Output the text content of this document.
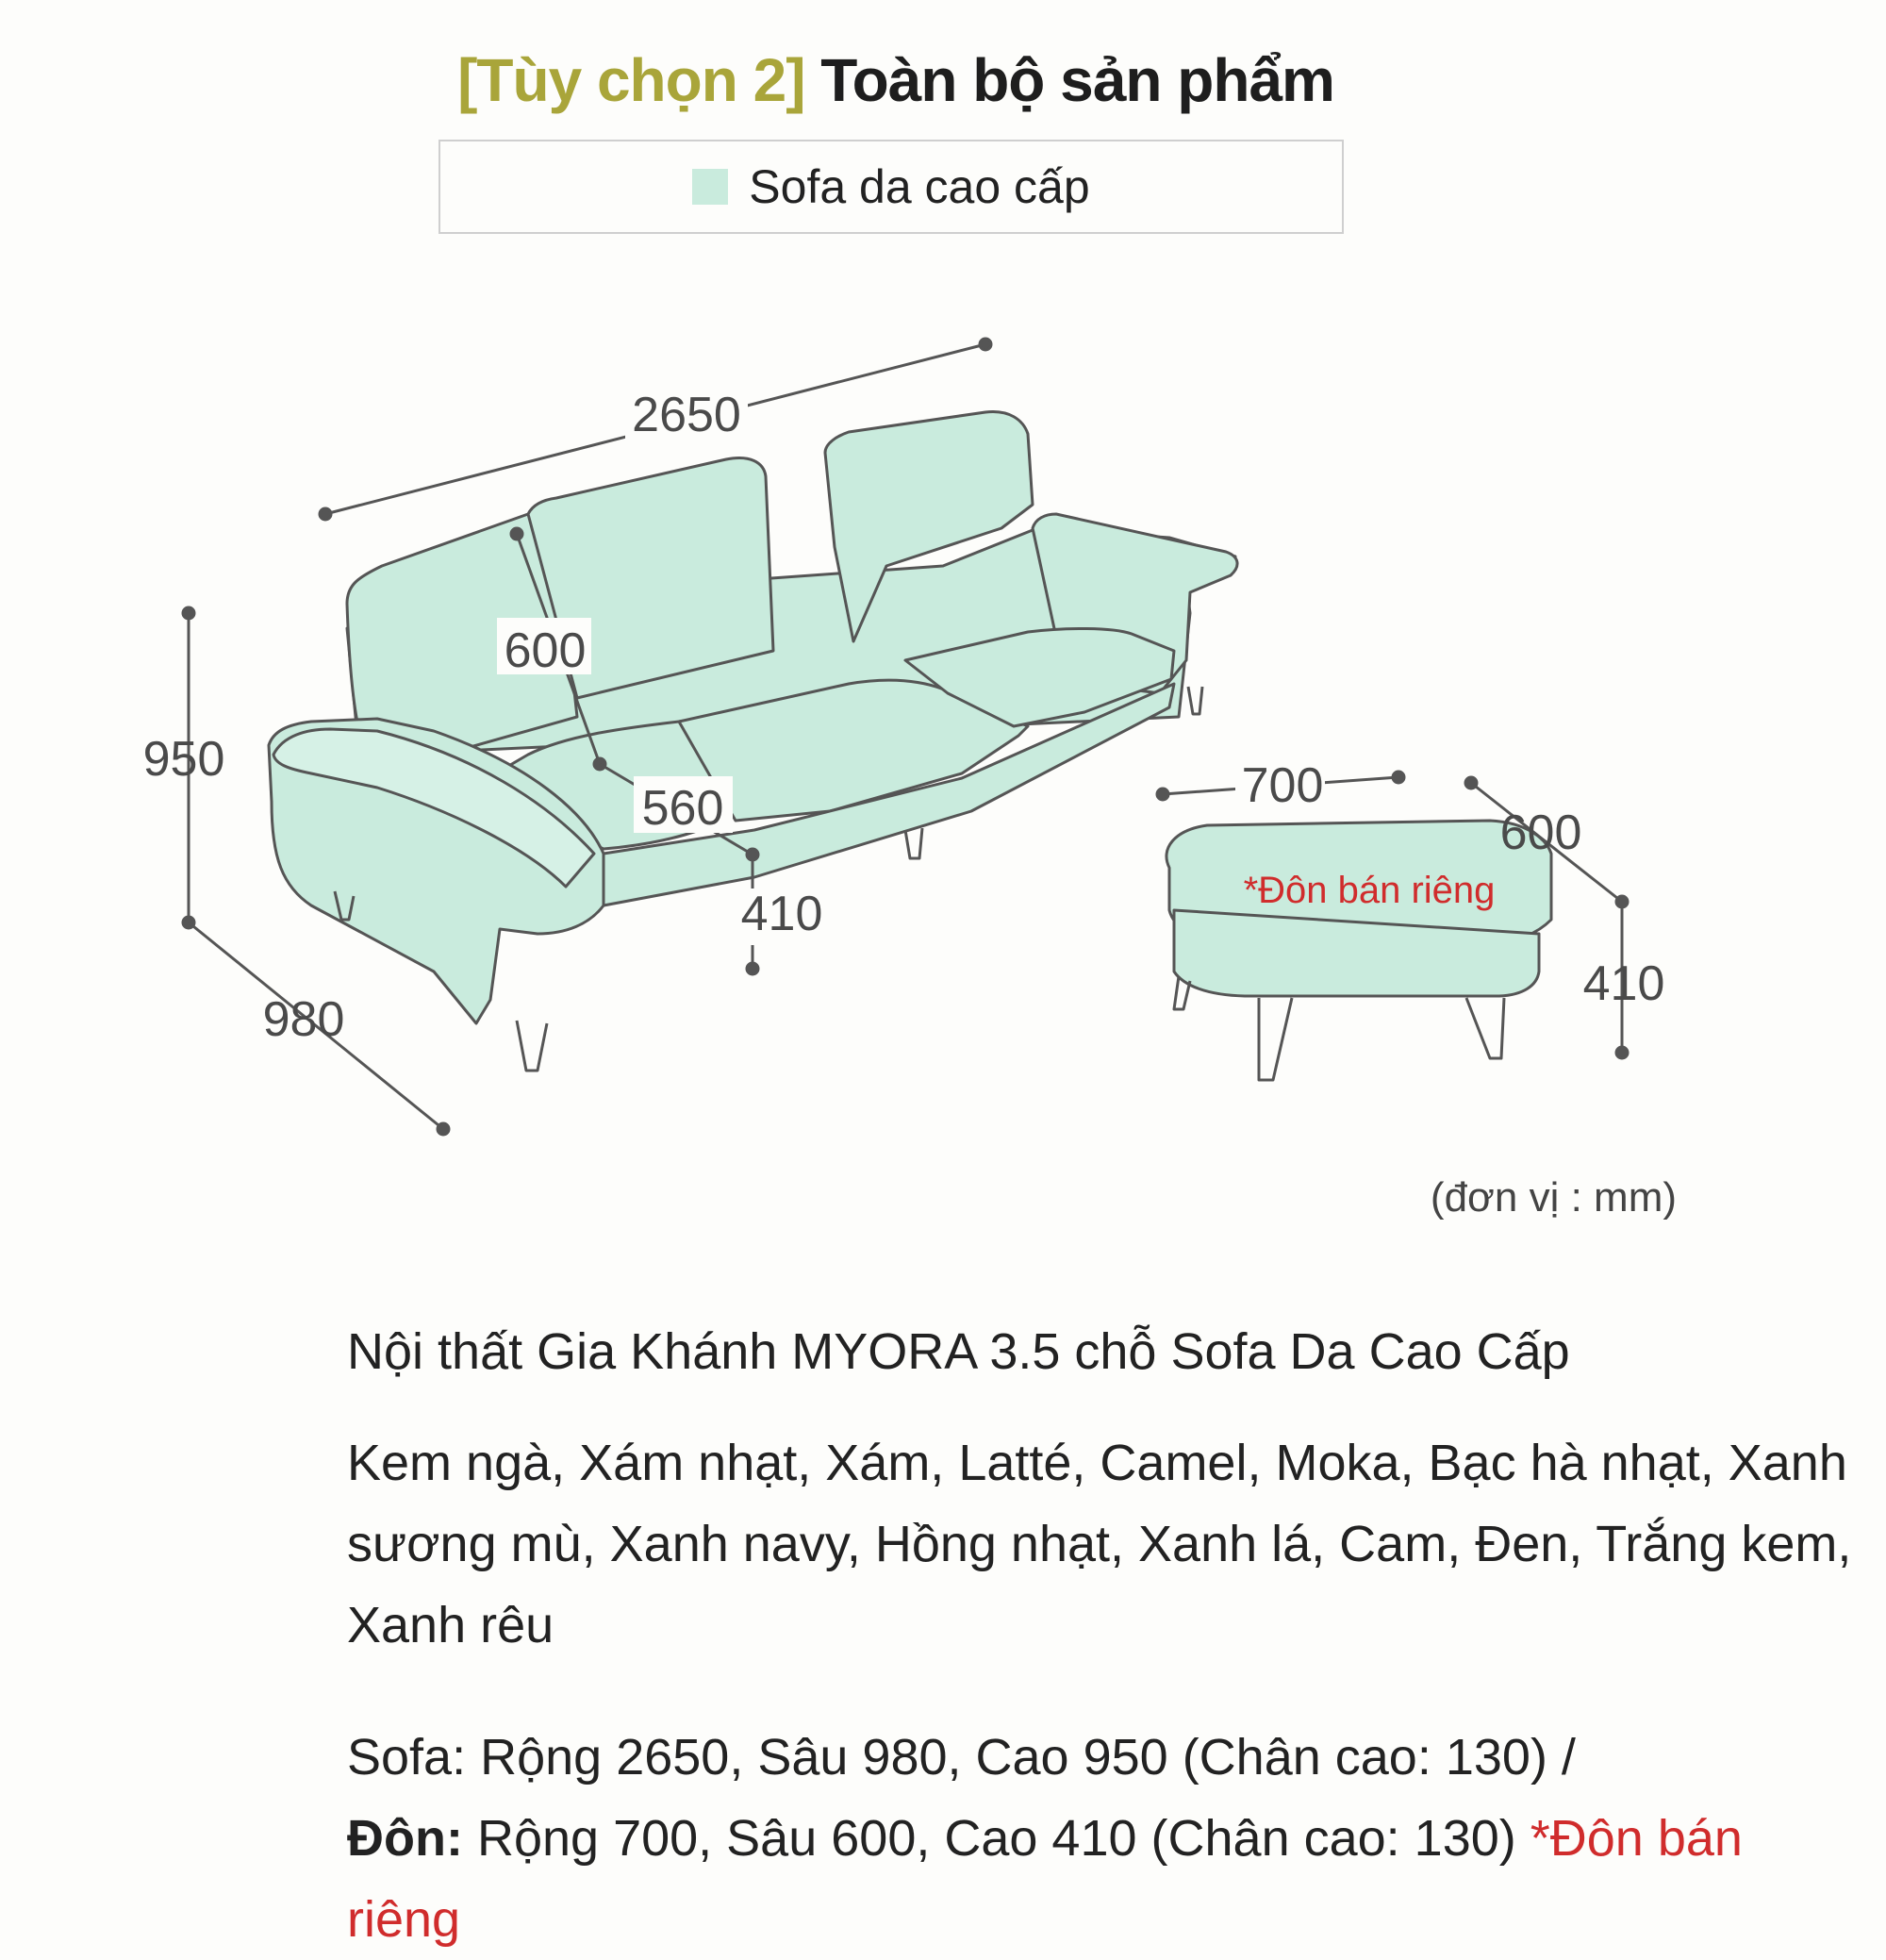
[Tùy chọn 2] Toàn bộ sản phẩm
Sofa da cao cấp
2650
600
950
560
410
980
700
600
410
*Đôn bán riêng
(đơn vị : mm)
Nội thất Gia Khánh MYORA 3.5 chỗ Sofa Da Cao Cấp
Kem ngà, Xám nhạt, Xám, Latté, Camel, Moka, Bạc hà nhạt, Xanh sương mù, Xanh navy, Hồng nhạt, Xanh lá, Cam, Đen, Trắng kem, Xanh rêu
Sofa: Rộng 2650, Sâu 980, Cao 950 (Chân cao: 130) /
Đôn: Rộng 700, Sâu 600, Cao 410 (Chân cao: 130) *Đôn bán riêng
